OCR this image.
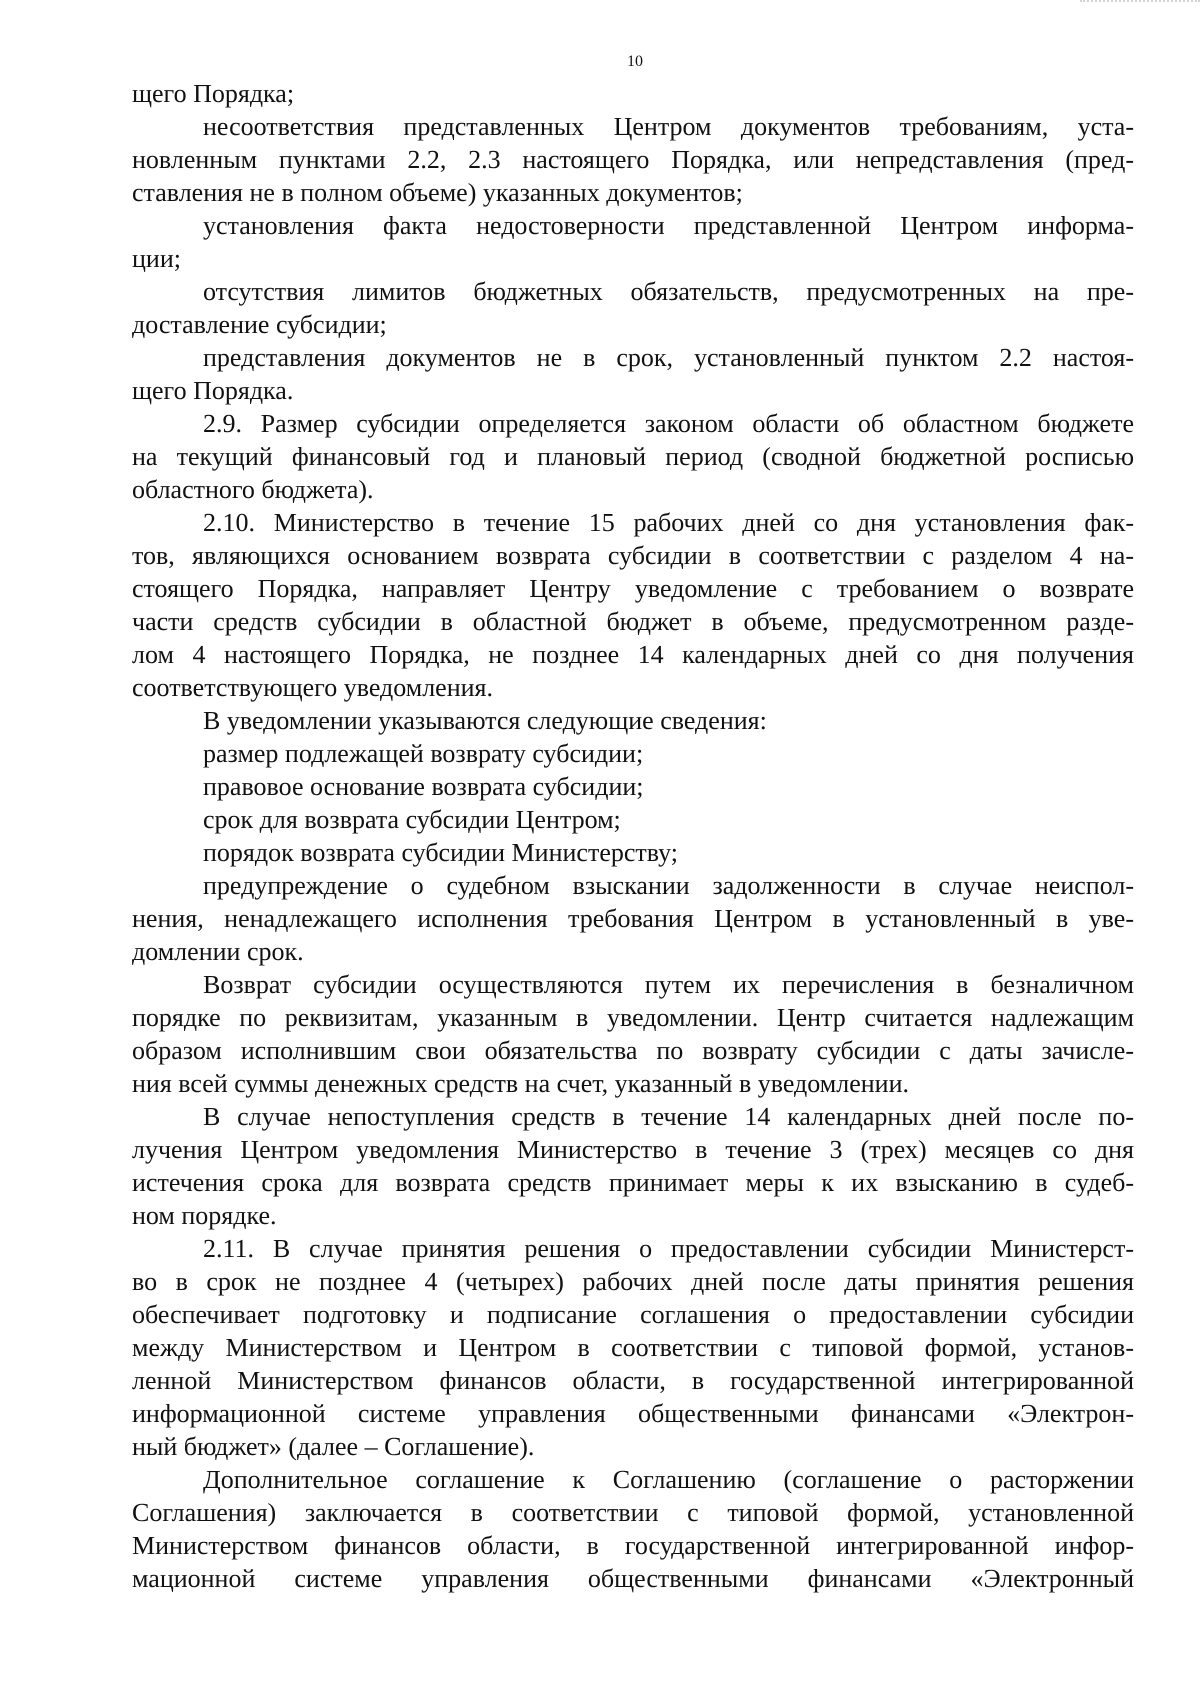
10
щего Порядка;
несоответствия представленных Центром документов требованиям, уста-
новленным пунктами 2.2, 2.3 настоящего Порядка, или непредставления (пред-
ставления не в полном объеме) указанных документов;
установления факта недостоверности представленной Центром информа-
ции;
отсутствия лимитов бюджетных обязательств, предусмотренных на пре-
доставление субсидии;
представления документов не в срок, установленный пунктом 2.2 настоя-
щего Порядка.
2.9. Размер субсидии определяется законом области об областном бюджете
на текущий финансовый год и плановый период (сводной бюджетной росписью
областного бюджета).
2.10. Министерство в течение 15 рабочих дней со дня установления фак-
тов, являющихся основанием возврата субсидии в соответствии с разделом 4 на-
стоящего Порядка, направляет Центру уведомление с требованием о возврате
части средств субсидии в областной бюджет в объеме, предусмотренном разде-
лом 4 настоящего Порядка, не позднее 14 календарных дней со дня получения
соответствующего уведомления.
В уведомлении указываются следующие сведения:
размер подлежащей возврату субсидии;
правовое основание возврата субсидии;
срок для возврата субсидии Центром;
порядок возврата субсидии Министерству;
предупреждение о судебном взыскании задолженности в случае неиспол-
нения, ненадлежащего исполнения требования Центром в установленный в уве-
домлении срок.
Возврат субсидии осуществляются путем их перечисления в безналичном
порядке по реквизитам, указанным в уведомлении. Центр считается надлежащим
образом исполнившим свои обязательства по возврату субсидии с даты зачисле-
ния всей суммы денежных средств на счет, указанный в уведомлении.
В случае непоступления средств в течение 14 календарных дней после по-
лучения Центром уведомления Министерство в течение 3 (трех) месяцев со дня
истечения срока для возврата средств принимает меры к их взысканию в судеб-
ном порядке.
2.11. В случае принятия решения о предоставлении субсидии Министерст-
во в срок не позднее 4 (четырех) рабочих дней после даты принятия решения
обеспечивает подготовку и подписание соглашения о предоставлении субсидии
между Министерством и Центром в соответствии с типовой формой, установ-
ленной Министерством финансов области, в государственной интегрированной
информационной системе управления общественными финансами «Электрон-
ный бюджет» (далее – Соглашение).
Дополнительное соглашение к Соглашению (соглашение о расторжении
Соглашения) заключается в соответствии с типовой формой, установленной
Министерством финансов области, в государственной интегрированной инфор-
мационной системе управления общественными финансами «Электронный
